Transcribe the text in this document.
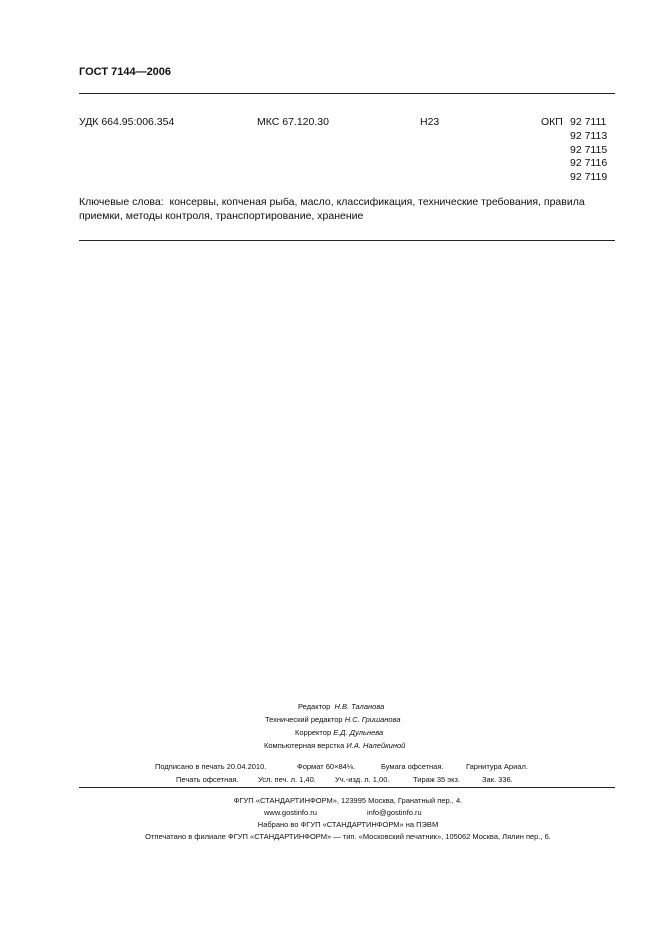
ГОСТ 7144—2006
УДК 664.95:006.354	МКС 67.120.30	Н23	ОКП 92 7111
92 7113
92 7115
92 7116
92 7119
Ключевые слова: консервы, копченая рыба, масло, классификация, технические требования, правила приемки, методы контроля, транспортирование, хранение
Редактор Н.В. Таланова
Технический редактор Н.С. Гришанова
Корректор Е.Д. Дульнева
Компьютерная верстка И.А. Налейкиной
Подписано в печать 20.04.2010.	Формат 60×84⅛.	Бумага офсетная.	Гарнитура Ариал.
Печать офсетная.	Усл. печ. л. 1,40.	Уч.-изд. л. 1,00.	Тираж 35 экз.	Зак. 336.
ФГУП «СТАНДАРТИНФОРМ», 123995 Москва, Гранатный пер., 4.
www.gostinfo.ru	info@gostinfo.ru
Набрано во ФГУП «СТАНДАРТИНФОРМ» на ПЭВМ
Отпечатано в филиале ФГУП «СТАНДАРТИНФОРМ» — тип. «Московский печатник», 105062 Москва, Лялин пер., 6.
